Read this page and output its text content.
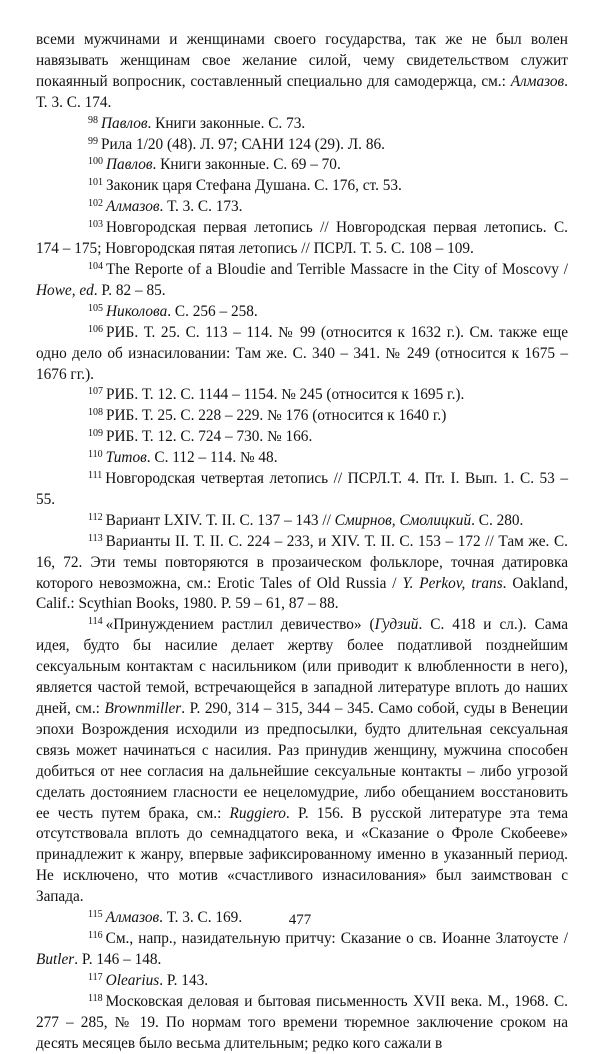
всеми мужчинами и женщинами своего государства, так же не был волен навязывать женщинам свое желание силой, чему свидетельством служит покаянный вопросник, составленный специально для самодержца, см.: Алмазов. Т. 3. С. 174.

$^{98}$ Павлов. Книги законные. С. 73.

$^{99}$ Рила 1/20 (48). Л. 97; САНИ 124 (29). Л. 86.

$^{100}$ Павлов. Книги законные. С. 69 – 70.

$^{101}$ Законик царя Стефана Душана. С. 176, ст. 53.

$^{102}$ Алмазов. Т. 3. С. 173.

$^{103}$ Новгородская первая летопись // Новгородская первая летопись. С. 174 – 175; Новгородская пятая летопись // ПСРЛ. Т. 5. С. 108 – 109.

$^{104}$ The Reporte of a Bloudie and Terrible Massacre in the City of Moscovy / Howe, ed. P. 82 – 85.

$^{105}$ Николова. С. 256 – 258.

$^{106}$ РИБ. Т. 25. С. 113 – 114. № 99 (относится к 1632 г.). См. также еще одно дело об изнасиловании: Там же. С. 340 – 341. № 249 (относится к 1675 – 1676 гг.).

$^{107}$ РИБ. Т. 12. С. 1144 – 1154. № 245 (относится к 1695 г.).

$^{108}$ РИБ. Т. 25. С. 228 – 229. № 176 (относится к 1640 г.)

$^{109}$ РИБ. Т. 12. С. 724 – 730. № 166.

$^{110}$ Титов. С. 112 – 114. № 48.

$^{111}$ Новгородская четвертая летопись // ПСРЛ.Т. 4. Пт. I. Вып. 1. С. 53 – 55.

$^{112}$ Вариант LXIV. Т. II. С. 137 – 143 // Смирнов, Смолицкий. С. 280.

$^{113}$ Варианты II. Т. II. С. 224 – 233, и XIV. Т. II. С. 153 – 172 // Там же. С. 16, 72. Эти темы повторяются в прозаическом фольклоре, точная датировка которого невозможна, см.: Erotic Tales of Old Russia / Y. Perkov, trans. Oakland, Calif.: Scythian Books, 1980. P. 59 – 61, 87 – 88.

$^{114}$ «Принуждением растлил девичество» (Гудзий. С. 418 и сл.). Сама идея, будто бы насилие делает жертву более податливой позднейшим сексуальным контактам с насильником (или приводит к влюбленности в него), является частой темой, встречающейся в западной литературе вплоть до наших дней, см.: Brownmiller. P. 290, 314 – 315, 344 – 345. Само собой, суды в Венеции эпохи Возрождения исходили из предпосылки, будто длительная сексуальная связь может начинаться с насилия. Раз принудив женщину, мужчина способен добиться от нее согласия на дальнейшие сексуальные контакты – либо угрозой сделать достоянием гласности ее нецеломудрие, либо обещанием восстановить ее честь путем брака, см.: Ruggiero. P. 156. В русской литературе эта тема отсутствовала вплоть до семнадцатого века, и «Сказание о Фроле Скобееве» принадлежит к жанру, впервые зафиксированному именно в указанный период. Не исключено, что мотив «счастливого изнасилования» был заимствован с Запада.

$^{115}$ Алмазов. Т. 3. С. 169.

$^{116}$ См., напр., назидательную притчу: Сказание о св. Иоанне Златоусте / Butler. P. 146 – 148.

$^{117}$ Olearius. P. 143.

$^{118}$ Московская деловая и бытовая письменность XVII века. М., 1968. С. 277 – 285, № 19. По нормам того времени тюремное заключение сроком на десять месяцев было весьма длительным; редко кого сажали в

477
